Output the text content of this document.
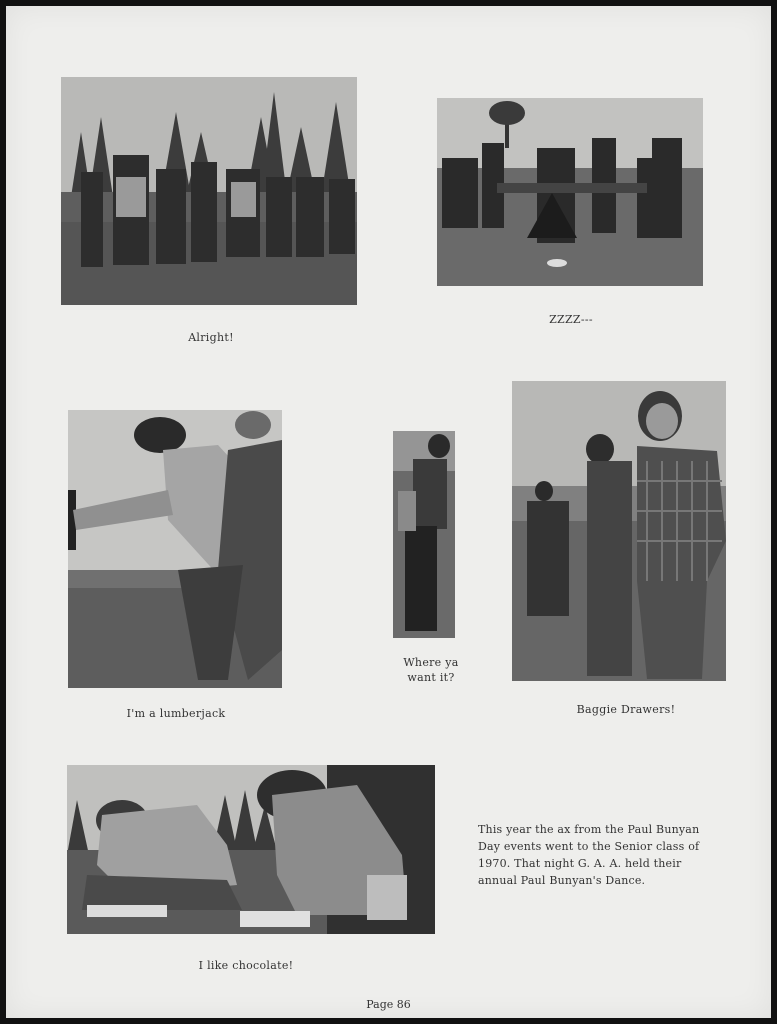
Alright!
ZZZZ---
I'm a lumberjack
Where ya
want it?
Baggie Drawers!
I like chocolate!
This year the ax from the Paul Bunyan Day events went to the Senior class of 1970. That night G. A. A. held their annual Paul Bunyan's Dance.
Page 86
